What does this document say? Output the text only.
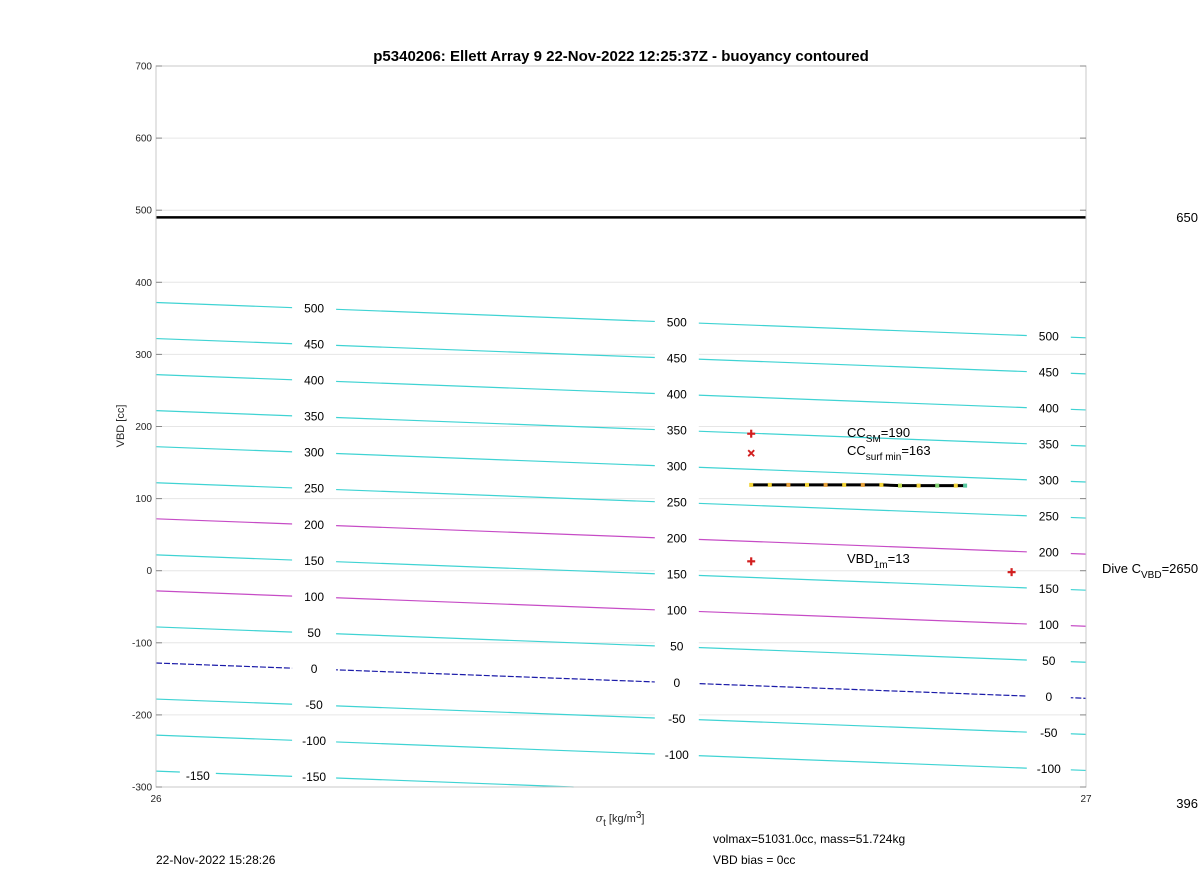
500
500
500
450
450
450
400
400
400
350
350
350
300
300
300
250
250
250
200
200
200
150
150
150
100
100
100
50
50
50
0
0
0
-50
-50
-50
-100
-100
-100
-150
-150
-300
-200
-100
0
100
200
300
400
500
600
700
26	27
p5340206: Ellett Array 9 22-Nov-2022 12:25:37Z - buoyancy contoured
VBD [cc]
σt [kg/m3]
$CC_{SM}=190$
$CC_{surf min}=163$
$VBD_{1m}=13$
Dive $C_{VBD}=2650$
650
396
22-Nov-2022 15:28:26
volmax=51031.0cc, mass=51.724kg
VBD bias = 0cc
